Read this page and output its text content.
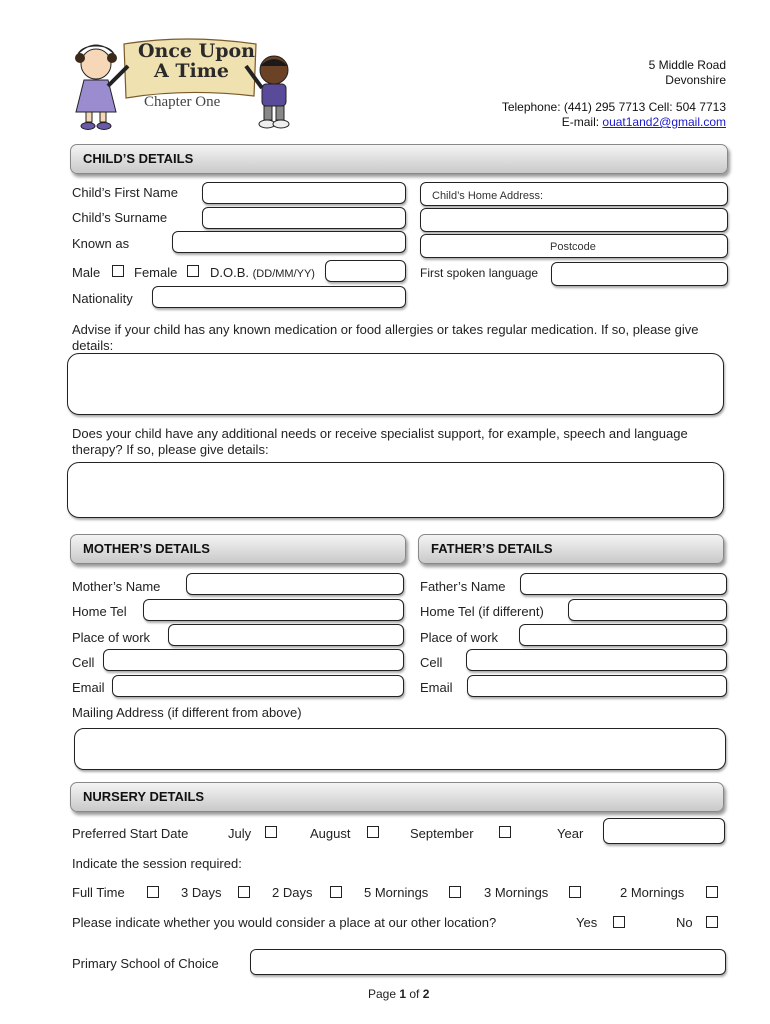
Once Upon
A Time
Chapter One
5 Middle Road
Devonshire
Telephone: (441) 295 7713 Cell: 504 7713
E-mail: ouat1and2@gmail.com
CHILD’S DETAILS
Child’s First Name
Child’s Surname
Known as
Male	Female	D.O.B. (DD/MM/YY)
Nationality
Child’s Home Address:
Postcode
First spoken language
Advise if your child has any known medication or food allergies or takes regular medication. If so, please give details:
Does your child have any additional needs or receive specialist support, for example, speech and language therapy? If so, please give details:
MOTHER’S DETAILS	FATHER’S DETAILS
Mother’s Name
Home Tel
Place of work
Cell
Email
Father’s Name
Home Tel (if different)
Place of work
Cell
Email
Mailing Address (if different from above)
NURSERY DETAILS
Preferred Start Date	July	August	September	Year
Indicate the session required:
Full Time	3 Days	2 Days	5 Mornings	3 Mornings	2 Mornings
Please indicate whether you would consider a place at our other location?	Yes	No
Primary School of Choice
Page 1 of 2
